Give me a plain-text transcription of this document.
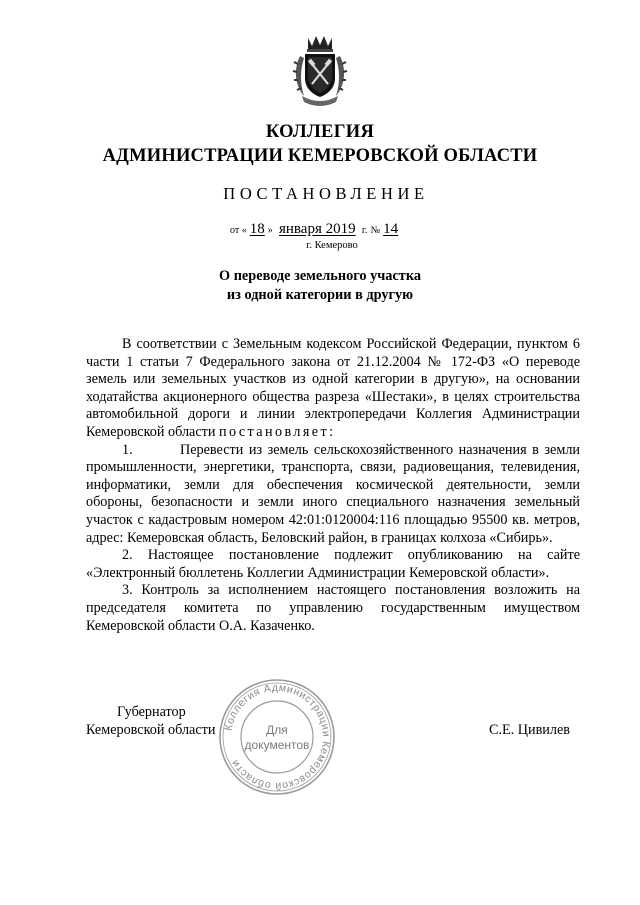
КОЛЛЕГИЯ
АДМИНИСТРАЦИИ КЕМЕРОВСКОЙ ОБЛАСТИ
ПОСТАНОВЛЕНИЕ
от « 18 » января 2019 г. № 14
г. Кемерово
О переводе земельного участка
из одной категории в другую

В соответствии с Земельным кодексом Российской Федерации, пунктом 6 части 1 статьи 7 Федерального закона от 21.12.2004 № 172-ФЗ «О переводе земель или земельных участков из одной категории в другую», на основании ходатайства акционерного общества разреза «Шестаки», в целях строительства автомобильной дороги и линии электропередачи Коллегия Администрации Кемеровской области постановляет:

1.	Перевести из земель сельскохозяйственного назначения в земли промышленности, энергетики, транспорта, связи, радиовещания, телевидения, информатики, земли для обеспечения космической деятельности, земли обороны, безопасности и земли иного специального назначения земельный участок с кадастровым номером 42:01:0120004:116 площадью 95500 кв. метров, адрес: Кемеровская область, Беловский район, в границах колхоза «Сибирь».

2. Настоящее постановление подлежит опубликованию на сайте «Электронный бюллетень Коллегии Администрации Кемеровской области».

3. Контроль за исполнением настоящего постановления возложить на председателя комитета по управлению государственным имуществом Кемеровской области О.А. Казаченко.

Губернатор
Кемеровской области	С.Е. Цивилев
Коллегия Администрации Кемеровской области
Для
документов
